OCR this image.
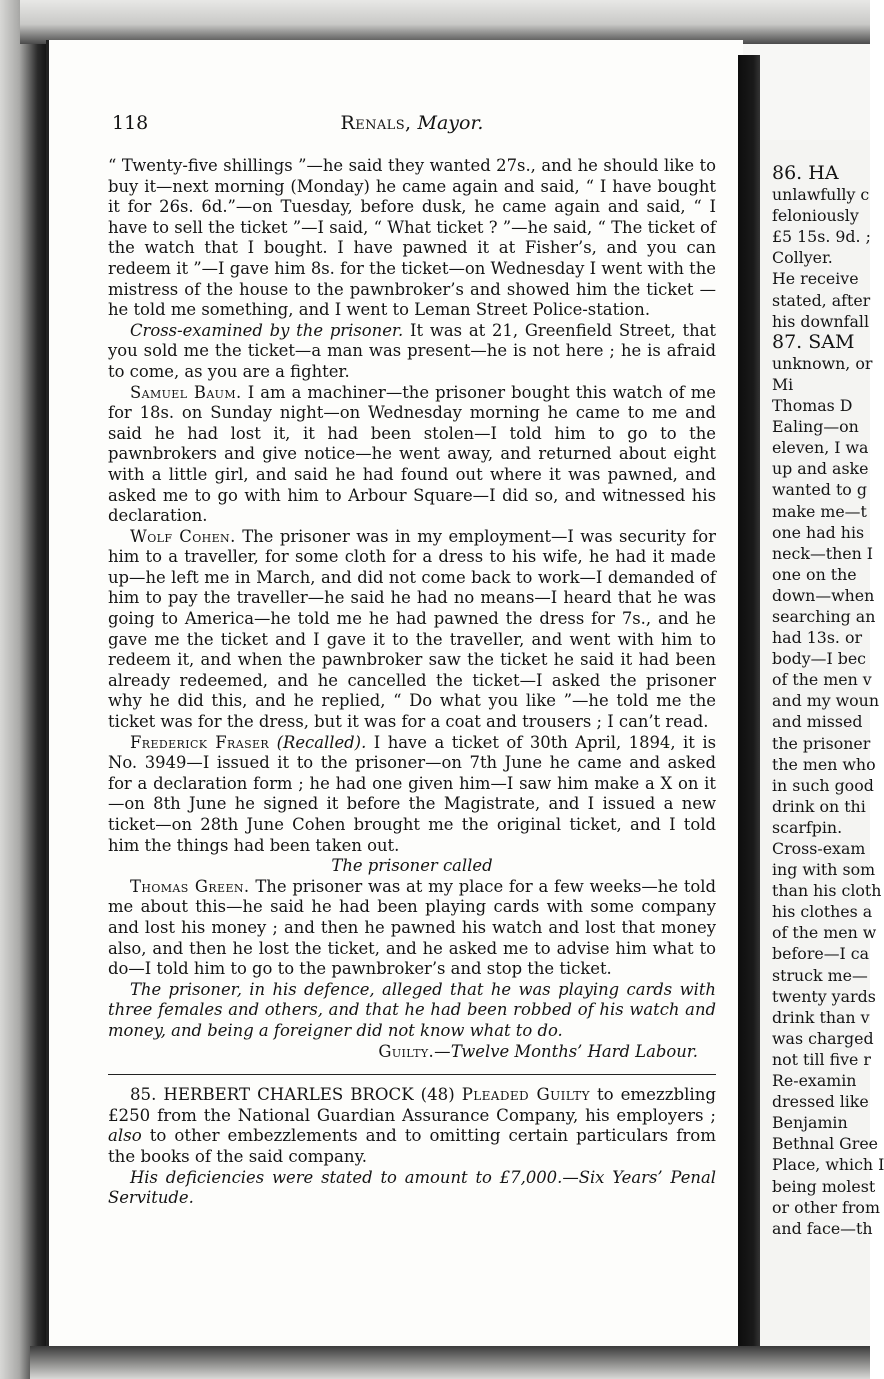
118	Renals, Mayor.

“ Twenty-five shillings ”—he said they wanted 27s., and he should like to buy it—next morning (Monday) he came again and said, “ I have bought it for 26s. 6d.”—on Tuesday, before dusk, he came again and said, “ I have to sell the ticket ”—I said, “ What ticket ? ”—he said, “ The ticket of the watch that I bought. I have pawned it at Fisher’s, and you can redeem it ”—I gave him 8s. for the ticket—on Wednesday I went with the mistress of the house to the pawnbroker’s and showed him the ticket —he told me something, and I went to Leman Street Police-station.

Cross-examined by the prisoner. It was at 21, Greenfield Street, that you sold me the ticket—a man was present—he is not here ; he is afraid to come, as you are a fighter.

Samuel Baum. I am a machiner—the prisoner bought this watch of me for 18s. on Sunday night—on Wednesday morning he came to me and said he had lost it, it had been stolen—I told him to go to the pawnbrokers and give notice—he went away, and returned about eight with a little girl, and said he had found out where it was pawned, and asked me to go with him to Arbour Square—I did so, and witnessed his declaration.

Wolf Cohen. The prisoner was in my employment—I was security for him to a traveller, for some cloth for a dress to his wife, he had it made up—he left me in March, and did not come back to work—I demanded of him to pay the traveller—he said he had no means—I heard that he was going to America—he told me he had pawned the dress for 7s., and he gave me the ticket and I gave it to the traveller, and went with him to redeem it, and when the pawnbroker saw the ticket he said it had been already redeemed, and he cancelled the ticket—I asked the prisoner why he did this, and he replied, “ Do what you like ”—he told me the ticket was for the dress, but it was for a coat and trousers ; I can’t read.

Frederick Fraser (Recalled). I have a ticket of 30th April, 1894, it is No. 3949—I issued it to the prisoner—on 7th June he came and asked for a declaration form ; he had one given him—I saw him make a X on it —on 8th June he signed it before the Magistrate, and I issued a new ticket—on 28th June Cohen brought me the original ticket, and I told him the things had been taken out.

The prisoner called

Thomas Green. The prisoner was at my place for a few weeks—he told me about this—he said he had been playing cards with some company and lost his money ; and then he pawned his watch and lost that money also, and then he lost the ticket, and he asked me to advise him what to do—I told him to go to the pawnbroker’s and stop the ticket.

The prisoner, in his defence, alleged that he was playing cards with three females and others, and that he had been robbed of his watch and money, and being a foreigner did not know what to do.

Guilty.—Twelve Months’ Hard Labour.

85. HERBERT CHARLES BROCK (48) Pleaded Guilty to emezzbling £250 from the National Guardian Assurance Company, his employers ; also to other embezzlements and to omitting certain particulars from the books of the said company.

His deficiencies were stated to amount to £7,000.—Six Years’ Penal Servitude.

86. HA
unlawfully c
feloniously
£5 15s. 9d. ;
Collyer.
He receive
stated, after
his downfall
87. SAM
unknown, or
Mi
Thomas D
Ealing—on
eleven, I wa
up and aske
wanted to g
make me—t
one had his
neck—then I
one on the
down—when
searching an
had 13s. or
body—I bec
of the men v
and my woun
and missed
the prisoner
the men who
in such good
drink on thi
scarfpin.
Cross-exam
ing with som
than his cloth
his clothes a
of the men w
before—I ca
struck me—
twenty yards
drink than v
was charged
not till five r
Re-examin
dressed like
Benjamin
Bethnal Gree
Place, which I
being molest
or other from
and face—th
